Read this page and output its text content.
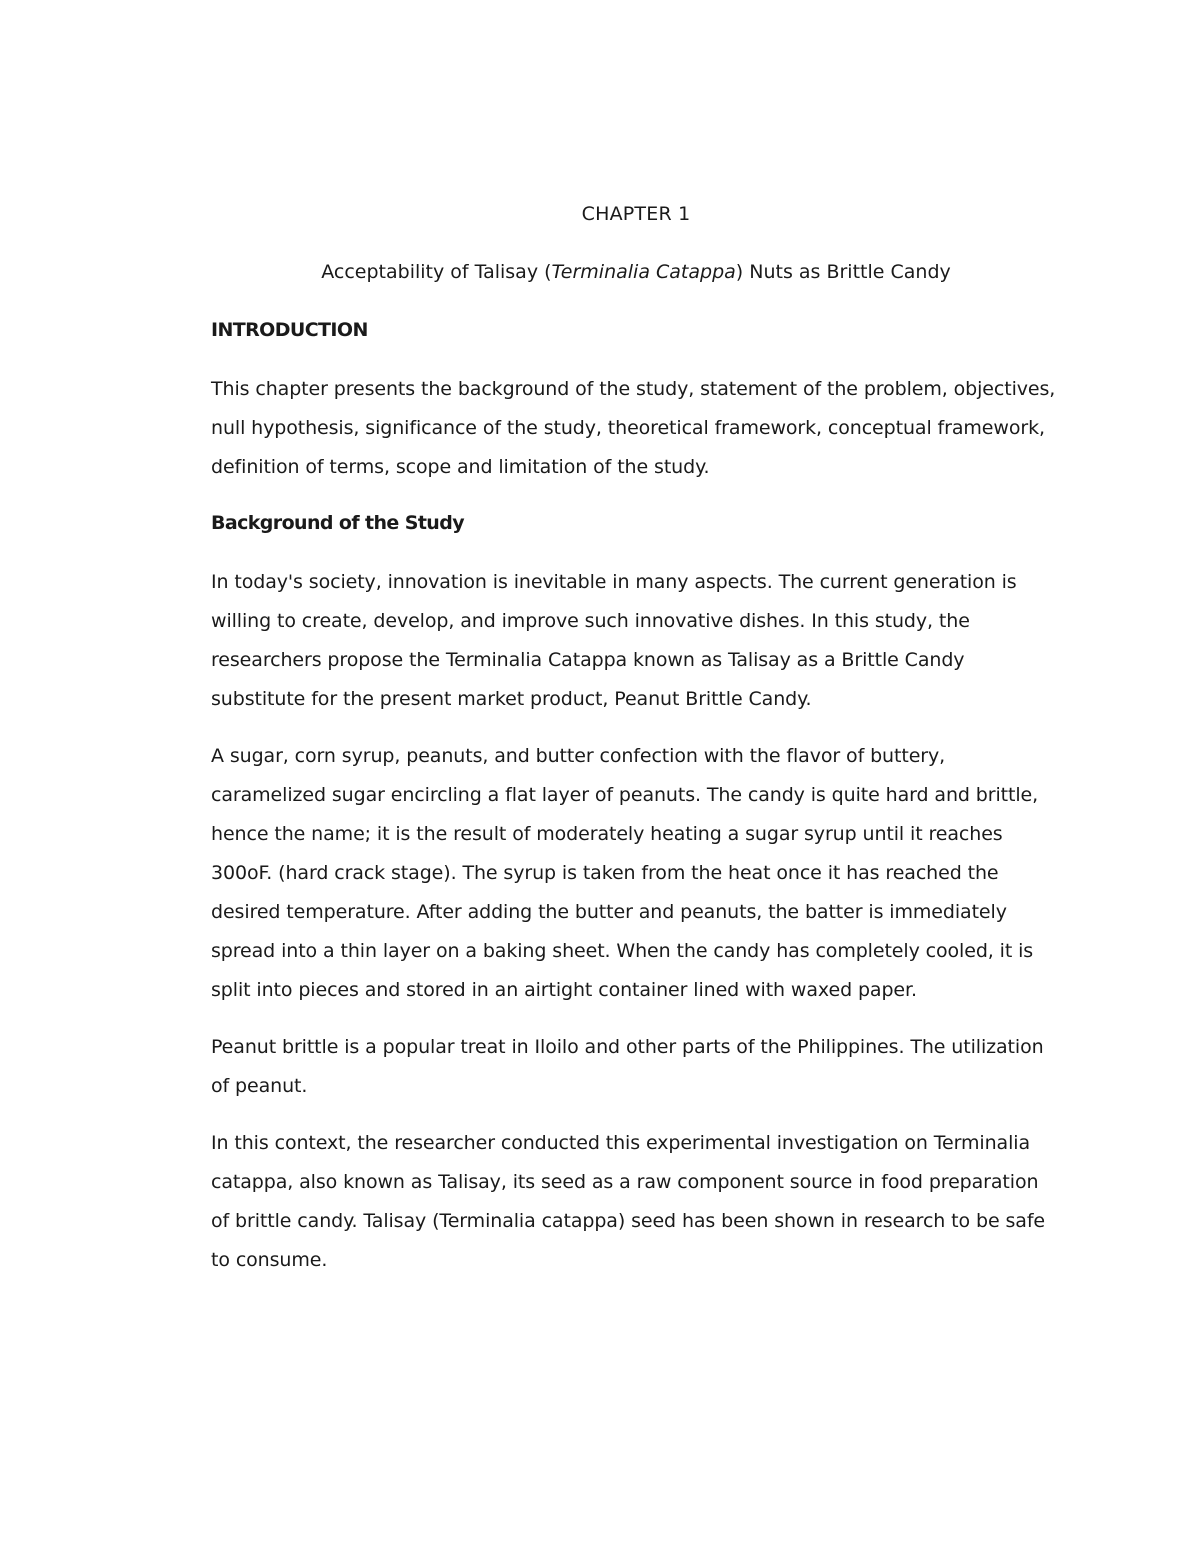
CHAPTER 1
Acceptability of Talisay (Terminalia Catappa) Nuts as Brittle Candy
INTRODUCTION

This chapter presents the background of the study, statement of the problem, objectives, null hypothesis, significance of the study, theoretical framework, conceptual framework, definition of terms, scope and limitation of the study.

Background of the Study

In today's society, innovation is inevitable in many aspects. The current generation is willing to create, develop, and improve such innovative dishes. In this study, the researchers propose the Terminalia Catappa known as Talisay as a Brittle Candy substitute for the present market product, Peanut Brittle Candy.

A sugar, corn syrup, peanuts, and butter confection with the flavor of buttery, caramelized sugar encircling a flat layer of peanuts. The candy is quite hard and brittle, hence the name; it is the result of moderately heating a sugar syrup until it reaches 300oF. (hard crack stage). The syrup is taken from the heat once it has reached the desired temperature. After adding the butter and peanuts, the batter is immediately spread into a thin layer on a baking sheet. When the candy has completely cooled, it is split into pieces and stored in an airtight container lined with waxed paper.

Peanut brittle is a popular treat in Iloilo and other parts of the Philippines. The utilization of peanut.

In this context, the researcher conducted this experimental investigation on Terminalia catappa, also known as Talisay, its seed as a raw component source in food preparation of brittle candy. Talisay (Terminalia catappa) seed has been shown in research to be safe to consume.
